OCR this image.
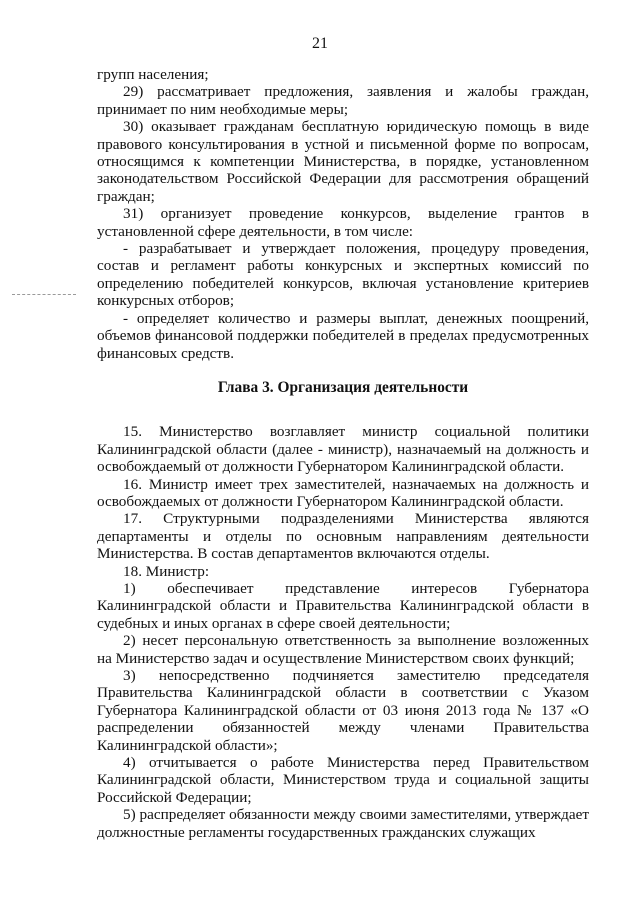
21

групп населения;

29) рассматривает предложения, заявления и жалобы граждан, принимает по ним необходимые меры;

30) оказывает гражданам бесплатную юридическую помощь в виде правового консультирования в устной и письменной форме по вопросам, относящимся к компетенции Министерства, в порядке, установленном законодательством Российской Федерации для рассмотрения обращений граждан;

31) организует проведение конкурсов, выделение грантов в установленной сфере деятельности, в том числе:

- разрабатывает и утверждает положения, процедуру проведения, состав и регламент работы конкурсных и экспертных комиссий по определению победителей конкурсов, включая установление критериев конкурсных отборов;

- определяет количество и размеры выплат, денежных поощрений, объемов финансовой поддержки победителей в пределах предусмотренных финансовых средств.

Глава 3. Организация деятельности

15. Министерство возглавляет министр социальной политики Калининградской области (далее - министр), назначаемый на должность и освобождаемый от должности Губернатором Калининградской области.

16. Министр имеет трех заместителей, назначаемых на должность и освобождаемых от должности Губернатором Калининградской области.

17. Структурными подразделениями Министерства являются департаменты и отделы по основным направлениям деятельности Министерства. В состав департаментов включаются отделы.

18. Министр:

1) обеспечивает представление интересов Губернатора Калининградской области и Правительства Калининградской области в судебных и иных органах в сфере своей деятельности;

2) несет персональную ответственность за выполнение возложенных на Министерство задач и осуществление Министерством своих функций;

3) непосредственно подчиняется заместителю председателя Правительства Калининградской области в соответствии с Указом Губернатора Калининградской области от 03 июня 2013 года № 137 «О распределении обязанностей между членами Правительства Калининградской области»;

4) отчитывается о работе Министерства перед Правительством Калининградской области, Министерством труда и социальной защиты Российской Федерации;

5) распределяет обязанности между своими заместителями, утверждает должностные регламенты государственных гражданских служащих
